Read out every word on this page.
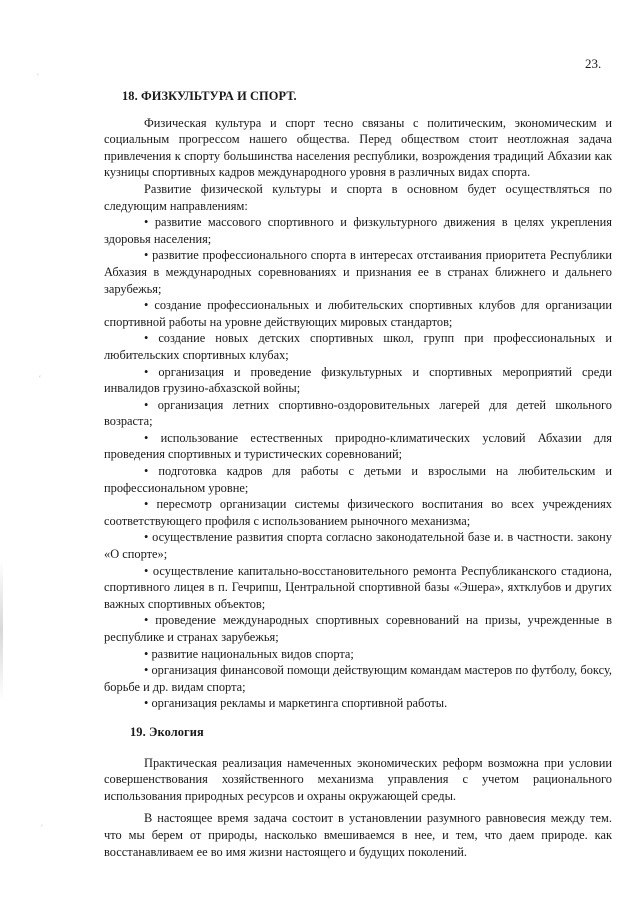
ʿ
ʿ
ʿ
23.
18. ФИЗКУЛЬТУРА И СПОРТ.

Физическая культура и спорт тесно связаны с политическим, экономическим и социальным прогрессом нашего общества. Перед обществом стоит неотложная задача привлечения к спорту большинства населения республики, возрождения традиций Абхазии как кузницы спортивных кадров международного уровня в различных видах спорта.

Развитие физической культуры и спорта в основном будет осуществляться по следующим направлениям:

• развитие массового спортивного и физкультурного движения в целях укрепления здоровья населения;
• развитие профессионального спорта в интересах отстаивания приоритета Республики Абхазия в международных соревнованиях и признания ее в странах ближнего и дальнего зарубежья;
• создание профессиональных и любительских спортивных клубов для организации спортивной работы на уровне действующих мировых стандартов;
• создание новых детских спортивных школ, групп при профессиональных и любительских спортивных клубах;
• организация и проведение физкультурных и спортивных мероприятий среди инвалидов грузино-абхазской войны;
• организация летних спортивно-оздоровительных лагерей для детей школьного возраста;
• использование естественных природно-климатических условий Абхазии для проведения спортивных и туристических соревнований;
• подготовка кадров для работы с детьми и взрослыми на любительским и профессиональном уровне;
• пересмотр организации системы физического воспитания во всех учреждениях соответствующего профиля с использованием рыночного механизма;
• осуществление развития спорта согласно законодательной базе и. в частности. закону «О спорте»;
• осуществление капитально-восстановительного ремонта Республиканского стадиона, спортивного лицея в п. Гечрипш, Центральной спортивной базы «Эшера», яхтклубов и других важных спортивных объектов;
• проведение международных спортивных соревнований на призы, учрежденные в республике и странах зарубежья;
• развитие национальных видов спорта;
• организация финансовой помощи действующим командам мастеров по футболу, боксу, борьбе и др. видам спорта;
• организация рекламы и маркетинга спортивной работы.
19. Экология

Практическая реализация намеченных экономических реформ возможна при условии совершенствования хозяйственного механизма управления с учетом рационального использования природных ресурсов и охраны окружающей среды.

В настоящее время задача состоит в установлении разумного равновесия между тем. что мы берем от природы, насколько вмешиваемся в нее, и тем, что даем природе. как восстанавливаем ее во имя жизни настоящего и будущих поколений.
